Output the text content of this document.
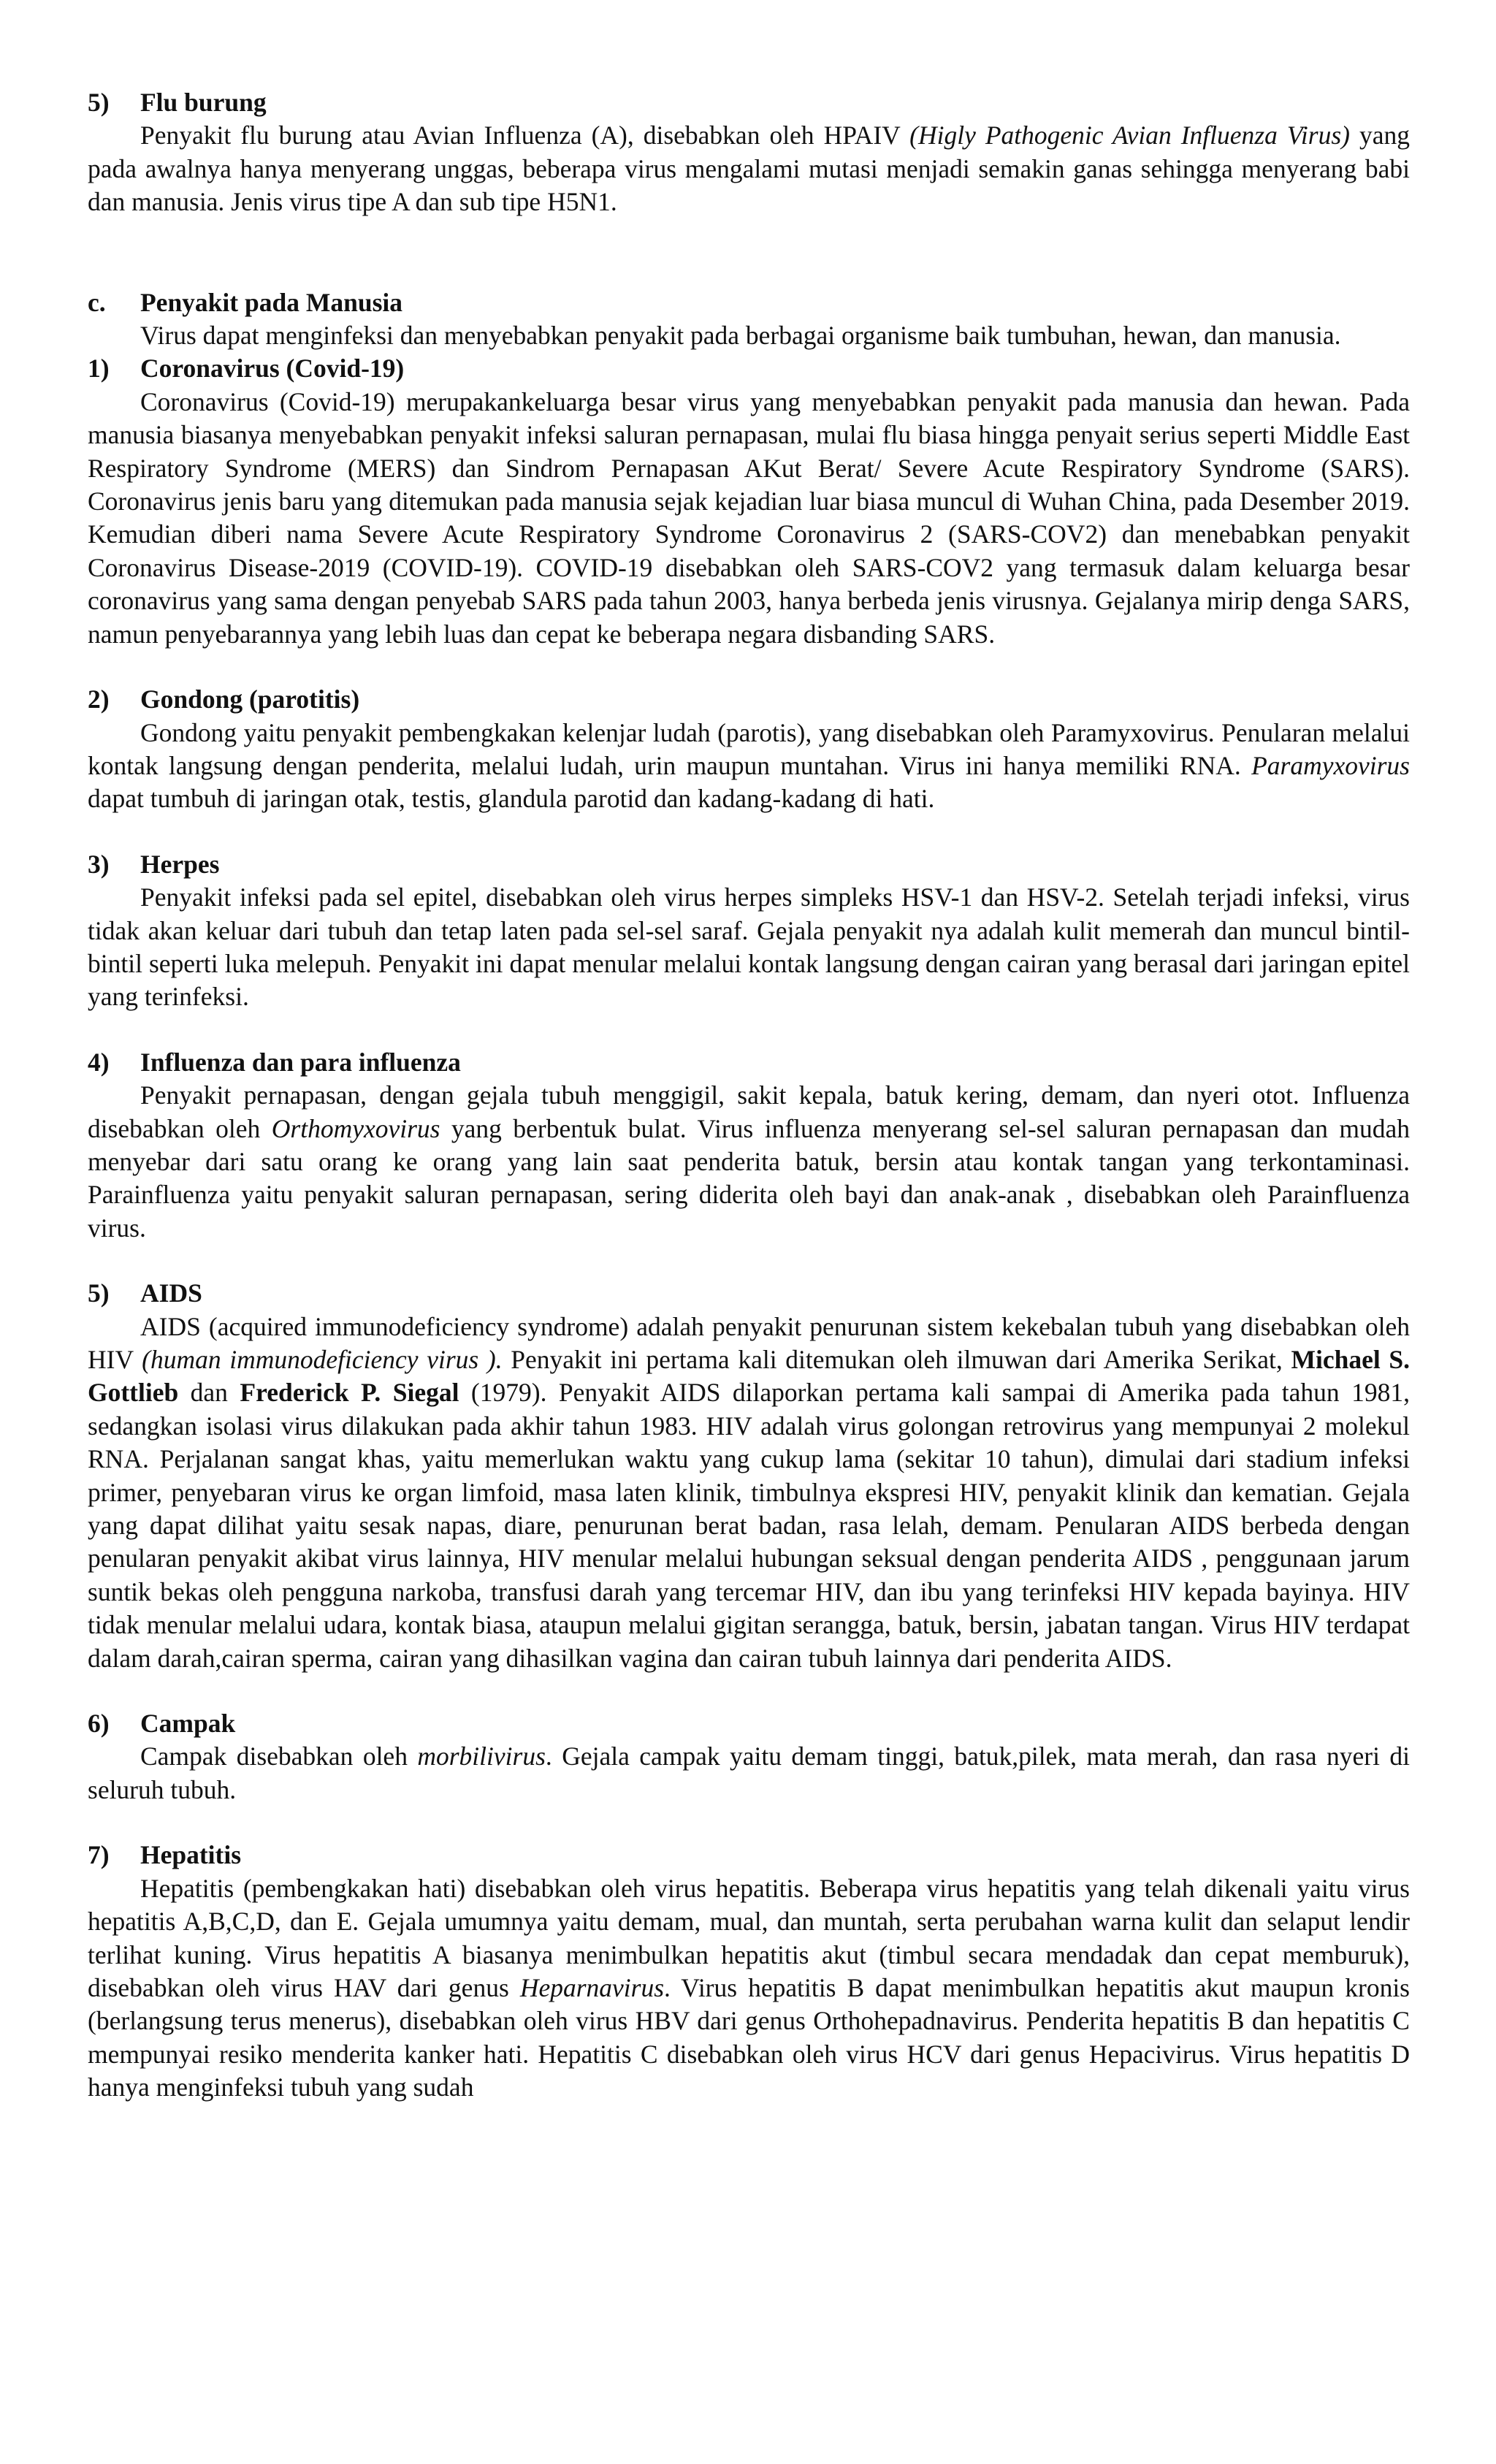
5)	Flu burung

Penyakit flu burung atau Avian Influenza (A), disebabkan oleh HPAIV (Higly Pathogenic Avian Influenza Virus) yang pada awalnya hanya menyerang unggas, beberapa virus mengalami mutasi menjadi semakin ganas sehingga menyerang babi dan manusia. Jenis virus tipe A dan sub tipe H5N1.

c.	Penyakit pada Manusia

Virus dapat menginfeksi dan menyebabkan penyakit pada berbagai organisme baik tumbuhan, hewan, dan manusia.

1)	Coronavirus (Covid-19)

Coronavirus (Covid-19) merupakankeluarga besar virus yang menyebabkan penyakit pada manusia dan hewan. Pada manusia biasanya menyebabkan penyakit infeksi saluran pernapasan, mulai flu biasa hingga penyait serius seperti Middle East Respiratory Syndrome (MERS) dan Sindrom Pernapasan AKut Berat/ Severe Acute Respiratory Syndrome (SARS). Coronavirus jenis baru yang ditemukan pada manusia sejak kejadian luar biasa muncul di Wuhan China, pada Desember 2019. Kemudian diberi nama Severe Acute Respiratory Syndrome Coronavirus 2 (SARS-COV2) dan menebabkan penyakit Coronavirus Disease-2019 (COVID-19). COVID-19 disebabkan oleh SARS-COV2 yang termasuk dalam keluarga besar coronavirus yang sama dengan penyebab SARS pada tahun 2003, hanya berbeda jenis virusnya. Gejalanya mirip denga SARS, namun penyebarannya yang lebih luas dan cepat ke beberapa negara disbanding SARS.

2)	Gondong (parotitis)

Gondong yaitu penyakit pembengkakan kelenjar ludah (parotis), yang disebabkan oleh Paramyxovirus. Penularan melalui kontak langsung dengan penderita, melalui ludah, urin maupun muntahan. Virus ini hanya memiliki RNA. Paramyxovirus dapat tumbuh di jaringan otak, testis, glandula parotid dan kadang-kadang di hati.

3)	Herpes

Penyakit infeksi pada sel epitel, disebabkan oleh virus herpes simpleks HSV-1 dan HSV-2. Setelah terjadi infeksi, virus tidak akan keluar dari tubuh dan tetap laten pada sel-sel saraf. Gejala penyakit nya adalah kulit memerah dan muncul bintil-bintil seperti luka melepuh. Penyakit ini dapat menular melalui kontak langsung dengan cairan yang berasal dari jaringan epitel yang terinfeksi.

4)	Influenza dan para influenza

Penyakit pernapasan, dengan gejala tubuh menggigil, sakit kepala, batuk kering, demam, dan nyeri otot. Influenza disebabkan oleh Orthomyxovirus yang berbentuk bulat. Virus influenza menyerang sel-sel saluran pernapasan dan mudah menyebar dari satu orang ke orang yang lain saat penderita batuk, bersin atau kontak tangan yang terkontaminasi. Parainfluenza yaitu penyakit saluran pernapasan, sering diderita oleh bayi dan anak-anak , disebabkan oleh Parainfluenza virus.

5)	AIDS

AIDS (acquired immunodeficiency syndrome) adalah penyakit penurunan sistem kekebalan tubuh yang disebabkan oleh HIV (human immunodeficiency virus ). Penyakit ini pertama kali ditemukan oleh ilmuwan dari Amerika Serikat, Michael S. Gottlieb dan Frederick P. Siegal (1979). Penyakit AIDS dilaporkan pertama kali sampai di Amerika pada tahun 1981, sedangkan isolasi virus dilakukan pada akhir tahun 1983. HIV adalah virus golongan retrovirus yang mempunyai 2 molekul RNA. Perjalanan sangat khas, yaitu memerlukan waktu yang cukup lama (sekitar 10 tahun), dimulai dari stadium infeksi primer, penyebaran virus ke organ limfoid, masa laten klinik, timbulnya ekspresi HIV, penyakit klinik dan kematian. Gejala yang dapat dilihat yaitu sesak napas, diare, penurunan berat badan, rasa lelah, demam. Penularan AIDS berbeda dengan penularan penyakit akibat virus lainnya, HIV menular melalui hubungan seksual dengan penderita AIDS , penggunaan jarum suntik bekas oleh pengguna narkoba, transfusi darah yang tercemar HIV, dan ibu yang terinfeksi HIV kepada bayinya. HIV tidak menular melalui udara, kontak biasa, ataupun melalui gigitan serangga, batuk, bersin, jabatan tangan. Virus HIV terdapat dalam darah,cairan sperma, cairan yang dihasilkan vagina dan cairan tubuh lainnya dari penderita AIDS.

6)	Campak

Campak disebabkan oleh morbilivirus. Gejala campak yaitu demam tinggi, batuk,pilek, mata merah, dan rasa nyeri di seluruh tubuh.

7)	Hepatitis

Hepatitis (pembengkakan hati) disebabkan oleh virus hepatitis. Beberapa virus hepatitis yang telah dikenali yaitu virus hepatitis A,B,C,D, dan E. Gejala umumnya yaitu demam, mual, dan muntah, serta perubahan warna kulit dan selaput lendir terlihat kuning. Virus hepatitis A biasanya menimbulkan hepatitis akut (timbul secara mendadak dan cepat memburuk), disebabkan oleh virus HAV dari genus Heparnavirus. Virus hepatitis B dapat menimbulkan hepatitis akut maupun kronis (berlangsung terus menerus), disebabkan oleh virus HBV dari genus Orthohepadnavirus. Penderita hepatitis B dan hepatitis C mempunyai resiko menderita kanker hati. Hepatitis C disebabkan oleh virus HCV dari genus Hepacivirus. Virus hepatitis D hanya menginfeksi tubuh yang sudah
